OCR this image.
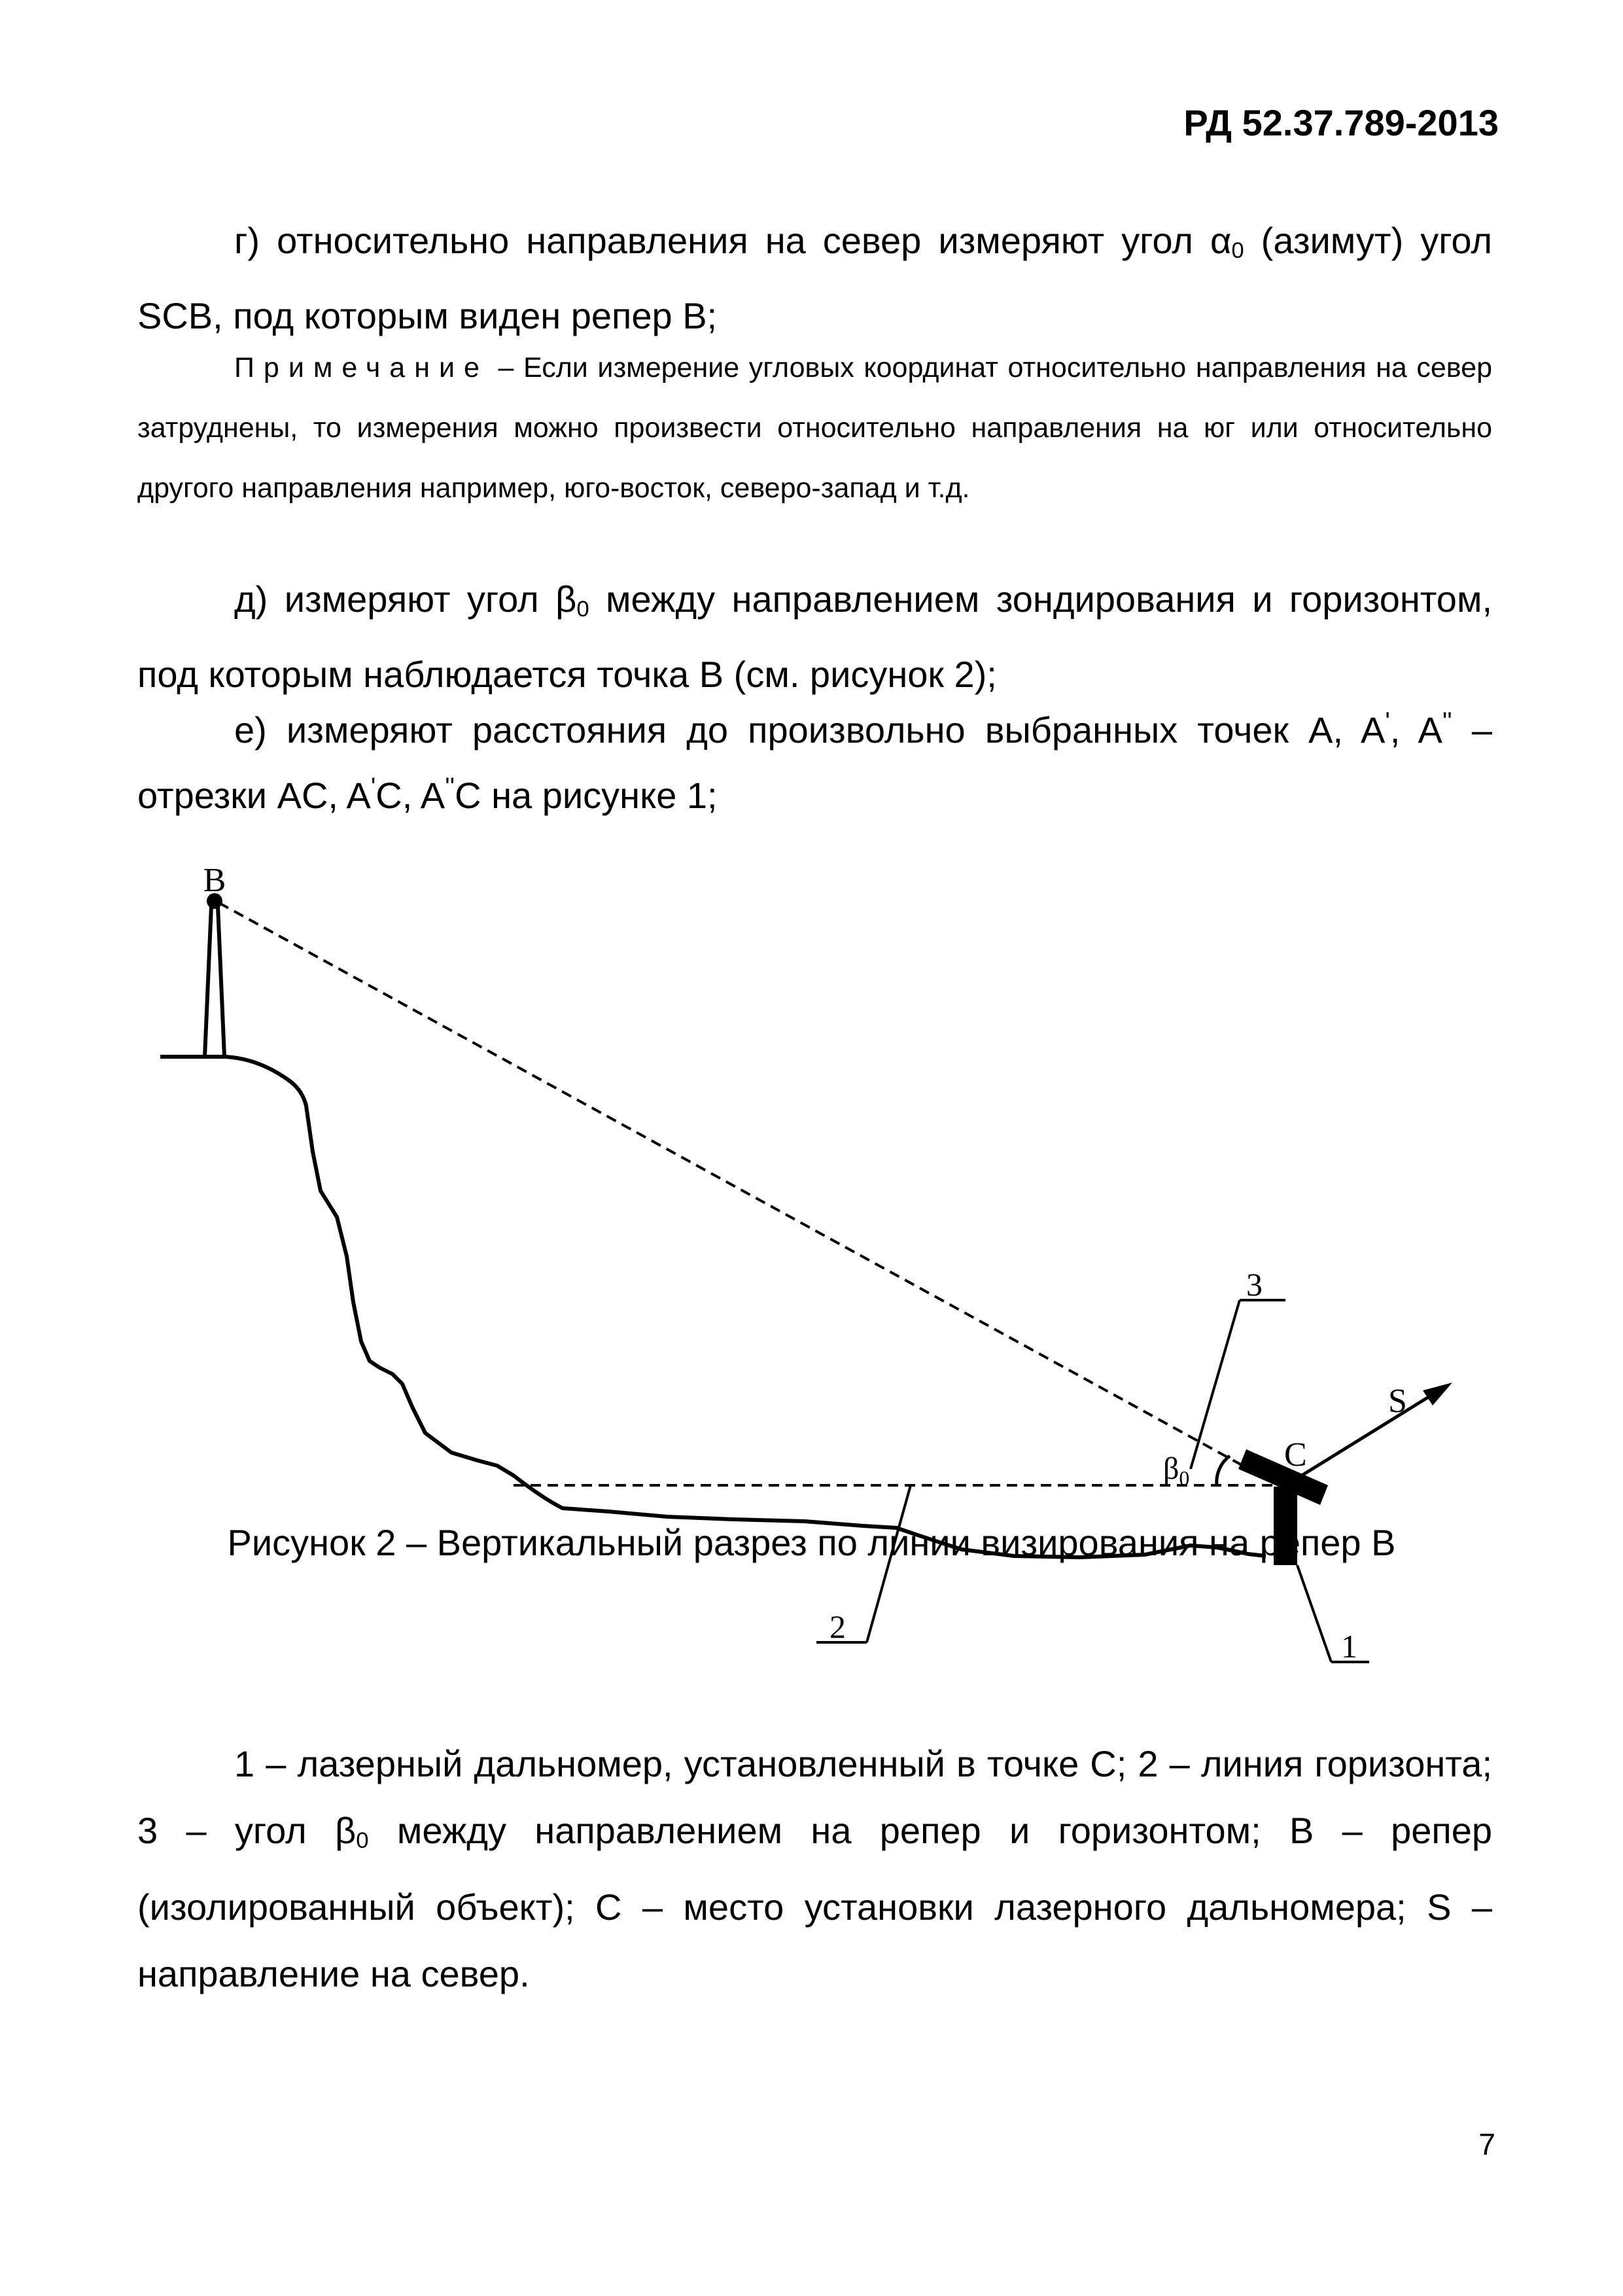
РД 52.37.789-2013
г) относительно направления на север измеряют угол $\alpha_0$ (азимут) угол SCB, под которым виден репер B;
Примечание – Если измерение угловых координат относительно направления на север затруднены, то измерения можно произвести относительно направления на юг или относительно другого направления например, юго-восток, северо-запад и т.д.
д) измеряют угол $\beta_0$ между направлением зондирования и горизонтом, под которым наблюдается точка B (см. рисунок 2);
е) измеряют расстояния до произвольно выбранных точек A, A', A'' – отрезки AC, A'C, A''C на рисунке 1;
B
C
S
$\beta_0$
3
2
1
1 – лазерный дальномер, установленный в точке C; 2 – линия горизонта; 3 – угол $\beta_0$ между направлением на репер и горизонтом; B – репер (изолированный объект); C – место установки лазерного дальномера; S – направление на север.
Рисунок 2 – Вертикальный разрез по линии визирования на репер B
7
